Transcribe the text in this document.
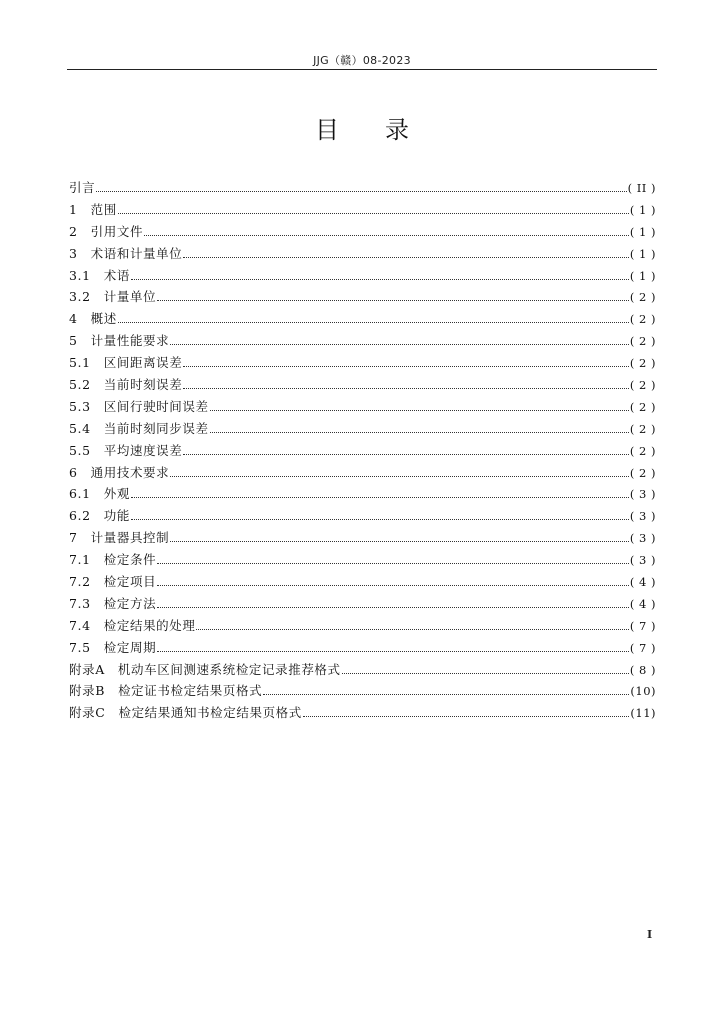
JJG（赣）08-2023
目录
引言	( II )
1　范围	( 1 )
2　引用文件	( 1 )
3　术语和计量单位	( 1 )
3.1　术语	( 1 )
3.2　计量单位	( 2 )
4　概述	( 2 )
5　计量性能要求	( 2 )
5.1　区间距离误差	( 2 )
5.2　当前时刻误差	( 2 )
5.3　区间行驶时间误差	( 2 )
5.4　当前时刻同步误差	( 2 )
5.5　平均速度误差	( 2 )
6　通用技术要求	( 2 )
6.1　外观	( 3 )
6.2　功能	( 3 )
7　计量器具控制	( 3 )
7.1　检定条件	( 3 )
7.2　检定项目	( 4 )
7.3　检定方法	( 4 )
7.4　检定结果的处理	( 7 )
7.5　检定周期	( 7 )
附录A　机动车区间测速系统检定记录推荐格式	( 8 )
附录B　检定证书检定结果页格式	(10)
附录C　检定结果通知书检定结果页格式	(11)
I
